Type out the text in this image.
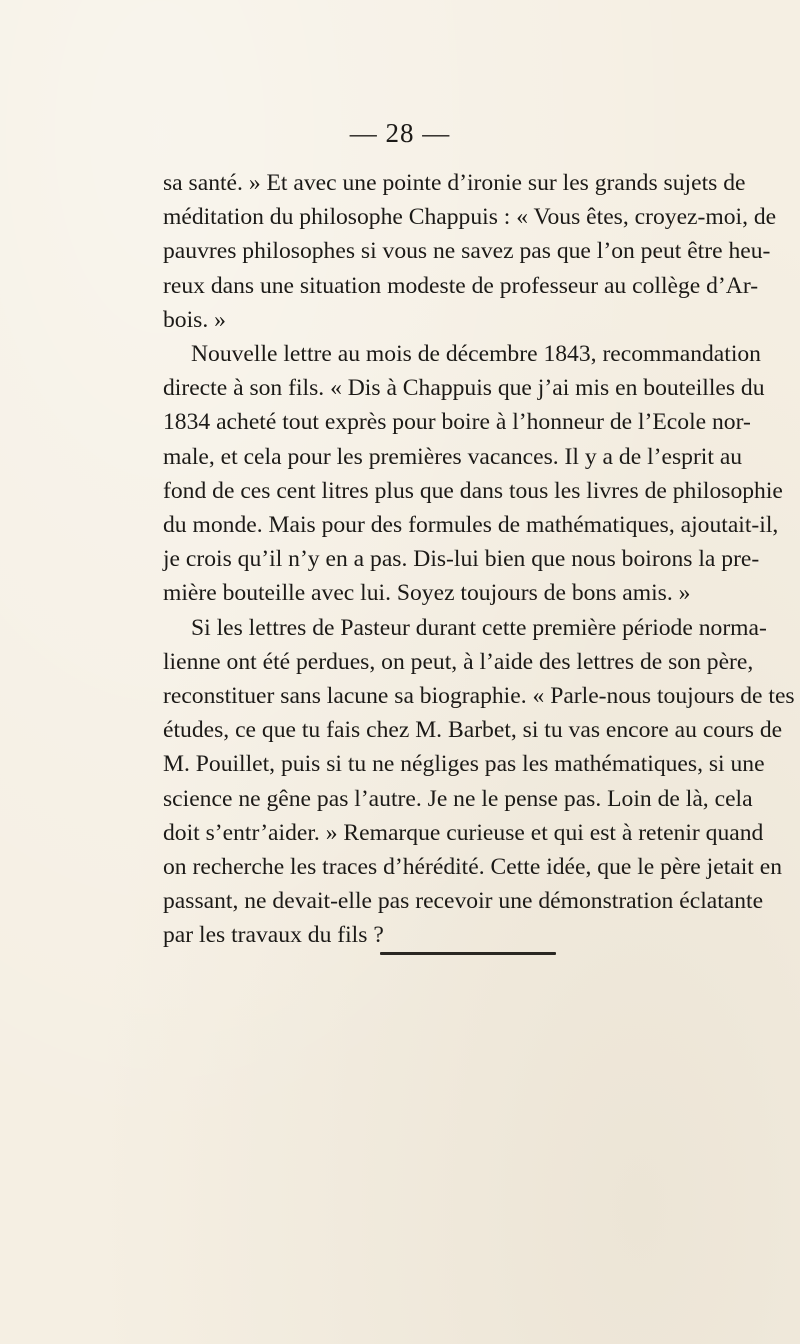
— 28 —
sa santé. » Et avec une pointe d’ironie sur les grands sujets de
méditation du philosophe Chappuis : « Vous êtes, croyez-moi, de
pauvres philosophes si vous ne savez pas que l’on peut être heu-
reux dans une situation modeste de professeur au collège d’Ar-
bois. »
Nouvelle lettre au mois de décembre 1843, recommandation
directe à son fils. « Dis à Chappuis que j’ai mis en bouteilles du
1834 acheté tout exprès pour boire à l’honneur de l’Ecole nor-
male, et cela pour les premières vacances. Il y a de l’esprit au
fond de ces cent litres plus que dans tous les livres de philosophie
du monde. Mais pour des formules de mathématiques, ajoutait-il,
je crois qu’il n’y en a pas. Dis-lui bien que nous boirons la pre-
mière bouteille avec lui. Soyez toujours de bons amis. »
Si les lettres de Pasteur durant cette première période norma-
lienne ont été perdues, on peut, à l’aide des lettres de son père,
reconstituer sans lacune sa biographie. « Parle-nous toujours de tes
études, ce que tu fais chez M. Barbet, si tu vas encore au cours de
M. Pouillet, puis si tu ne négliges pas les mathématiques, si une
science ne gêne pas l’autre. Je ne le pense pas. Loin de là, cela
doit s’entr’aider. » Remarque curieuse et qui est à retenir quand
on recherche les traces d’hérédité. Cette idée, que le père jetait en
passant, ne devait-elle pas recevoir une démonstration éclatante
par les travaux du fils ?
